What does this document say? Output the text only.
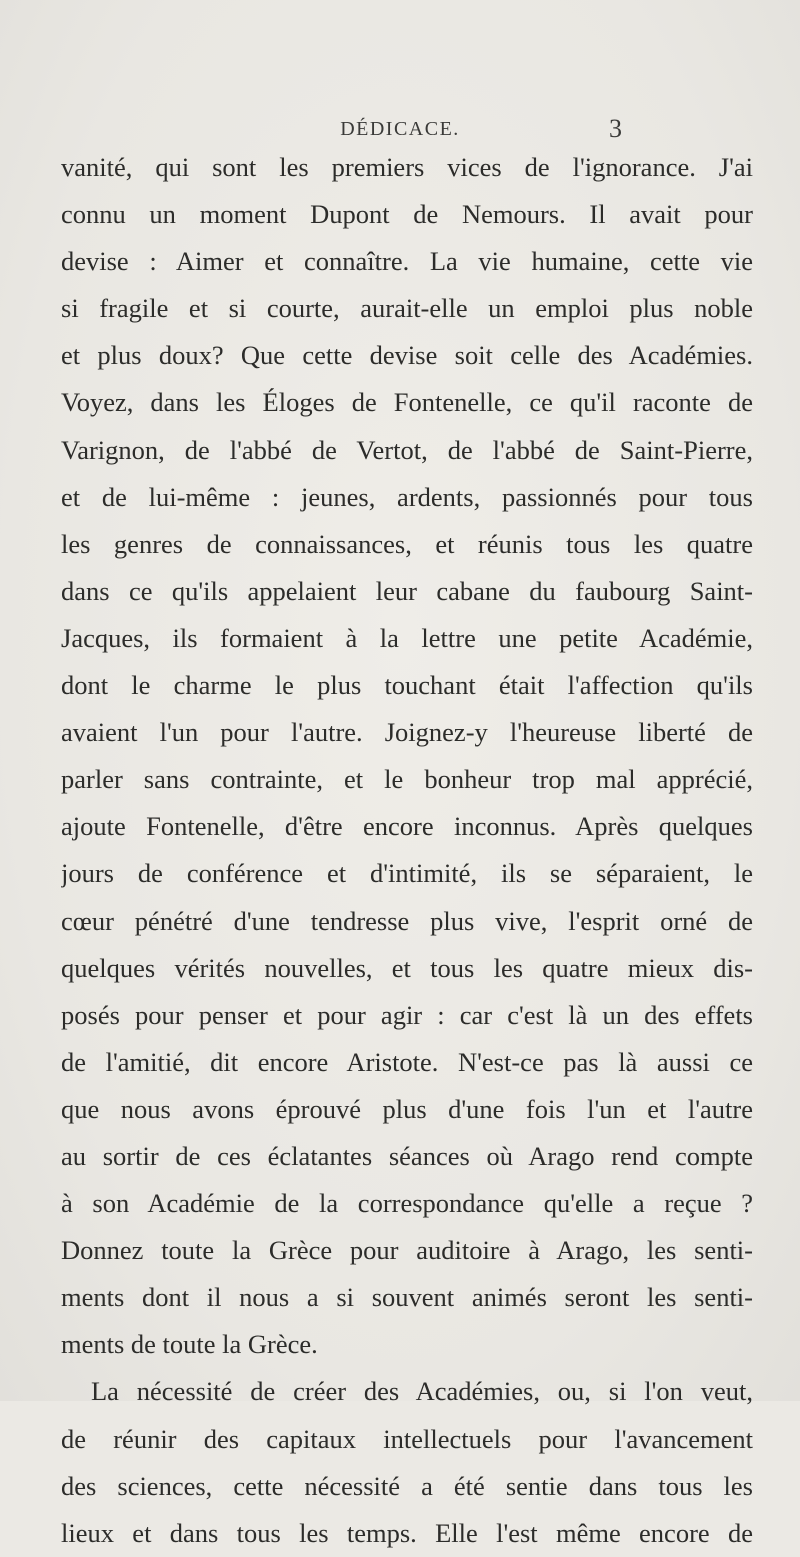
DÉDICACE.	3
vanité, qui sont les premiers vices de l'ignorance. J'ai
connu un moment Dupont de Nemours. Il avait pour
devise : Aimer et connaître. La vie humaine, cette vie
si fragile et si courte, aurait-elle un emploi plus noble
et plus doux? Que cette devise soit celle des Académies.
Voyez, dans les Éloges de Fontenelle, ce qu'il raconte de
Varignon, de l'abbé de Vertot, de l'abbé de Saint-Pierre,
et de lui-même : jeunes, ardents, passionnés pour tous
les genres de connaissances, et réunis tous les quatre
dans ce qu'ils appelaient leur cabane du faubourg Saint-
Jacques, ils formaient à la lettre une petite Académie,
dont le charme le plus touchant était l'affection qu'ils
avaient l'un pour l'autre. Joignez-y l'heureuse liberté de
parler sans contrainte, et le bonheur trop mal apprécié,
ajoute Fontenelle, d'être encore inconnus. Après quelques
jours de conférence et d'intimité, ils se séparaient, le
cœur pénétré d'une tendresse plus vive, l'esprit orné de
quelques vérités nouvelles, et tous les quatre mieux dis-
posés pour penser et pour agir : car c'est là un des effets
de l'amitié, dit encore Aristote. N'est-ce pas là aussi ce
que nous avons éprouvé plus d'une fois l'un et l'autre
au sortir de ces éclatantes séances où Arago rend compte
à son Académie de la correspondance qu'elle a reçue ?
Donnez toute la Grèce pour auditoire à Arago, les senti-
ments dont il nous a si souvent animés seront les senti-
ments de toute la Grèce.
La nécessité de créer des Académies, ou, si l'on veut,
de réunir des capitaux intellectuels pour l'avancement
des sciences, cette nécessité a été sentie dans tous les
lieux et dans tous les temps. Elle l'est même encore de
